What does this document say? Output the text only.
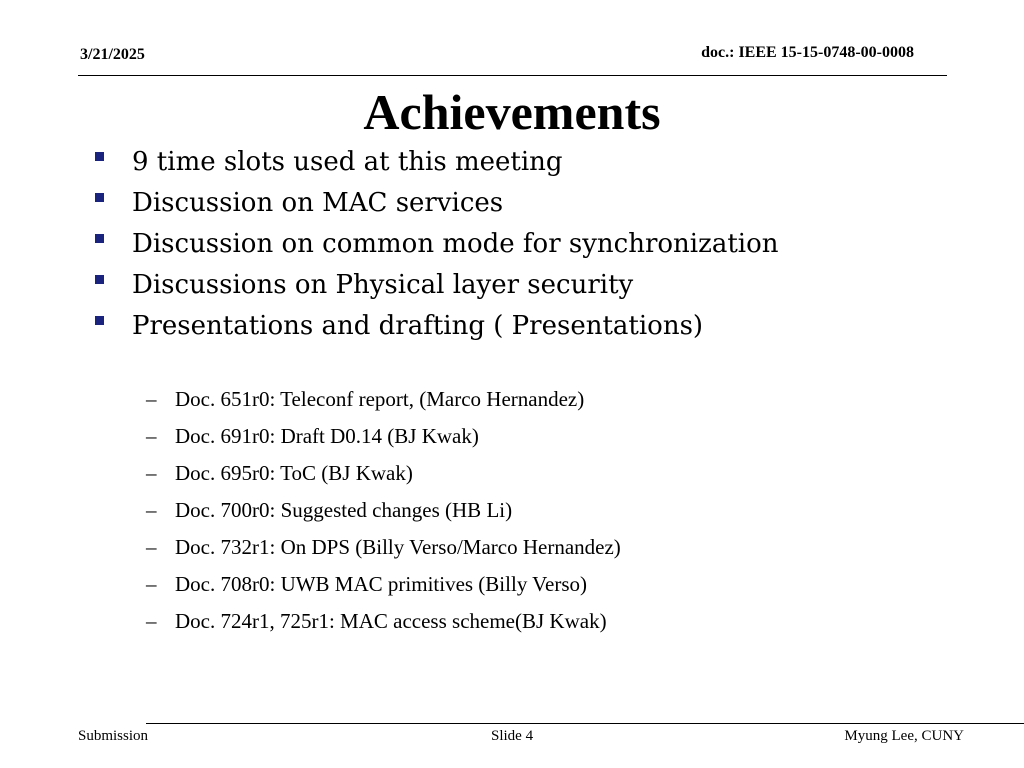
3/21/2025	doc.: IEEE 15-15-0748-00-0008
Achievements
9 time slots used at this meeting
Discussion on MAC services
Discussion on common mode for synchronization
Discussions on Physical layer security
Presentations and drafting ( Presentations)
– Doc. 651r0: Teleconf report, (Marco Hernandez)
– Doc. 691r0: Draft D0.14 (BJ Kwak)
– Doc. 695r0: ToC (BJ Kwak)
– Doc. 700r0: Suggested changes (HB Li)
– Doc. 732r1: On DPS (Billy Verso/Marco Hernandez)
– Doc. 708r0: UWB MAC primitives (Billy Verso)
– Doc. 724r1, 725r1: MAC access scheme(BJ Kwak)
Submission	Slide 4	Myung Lee, CUNY
